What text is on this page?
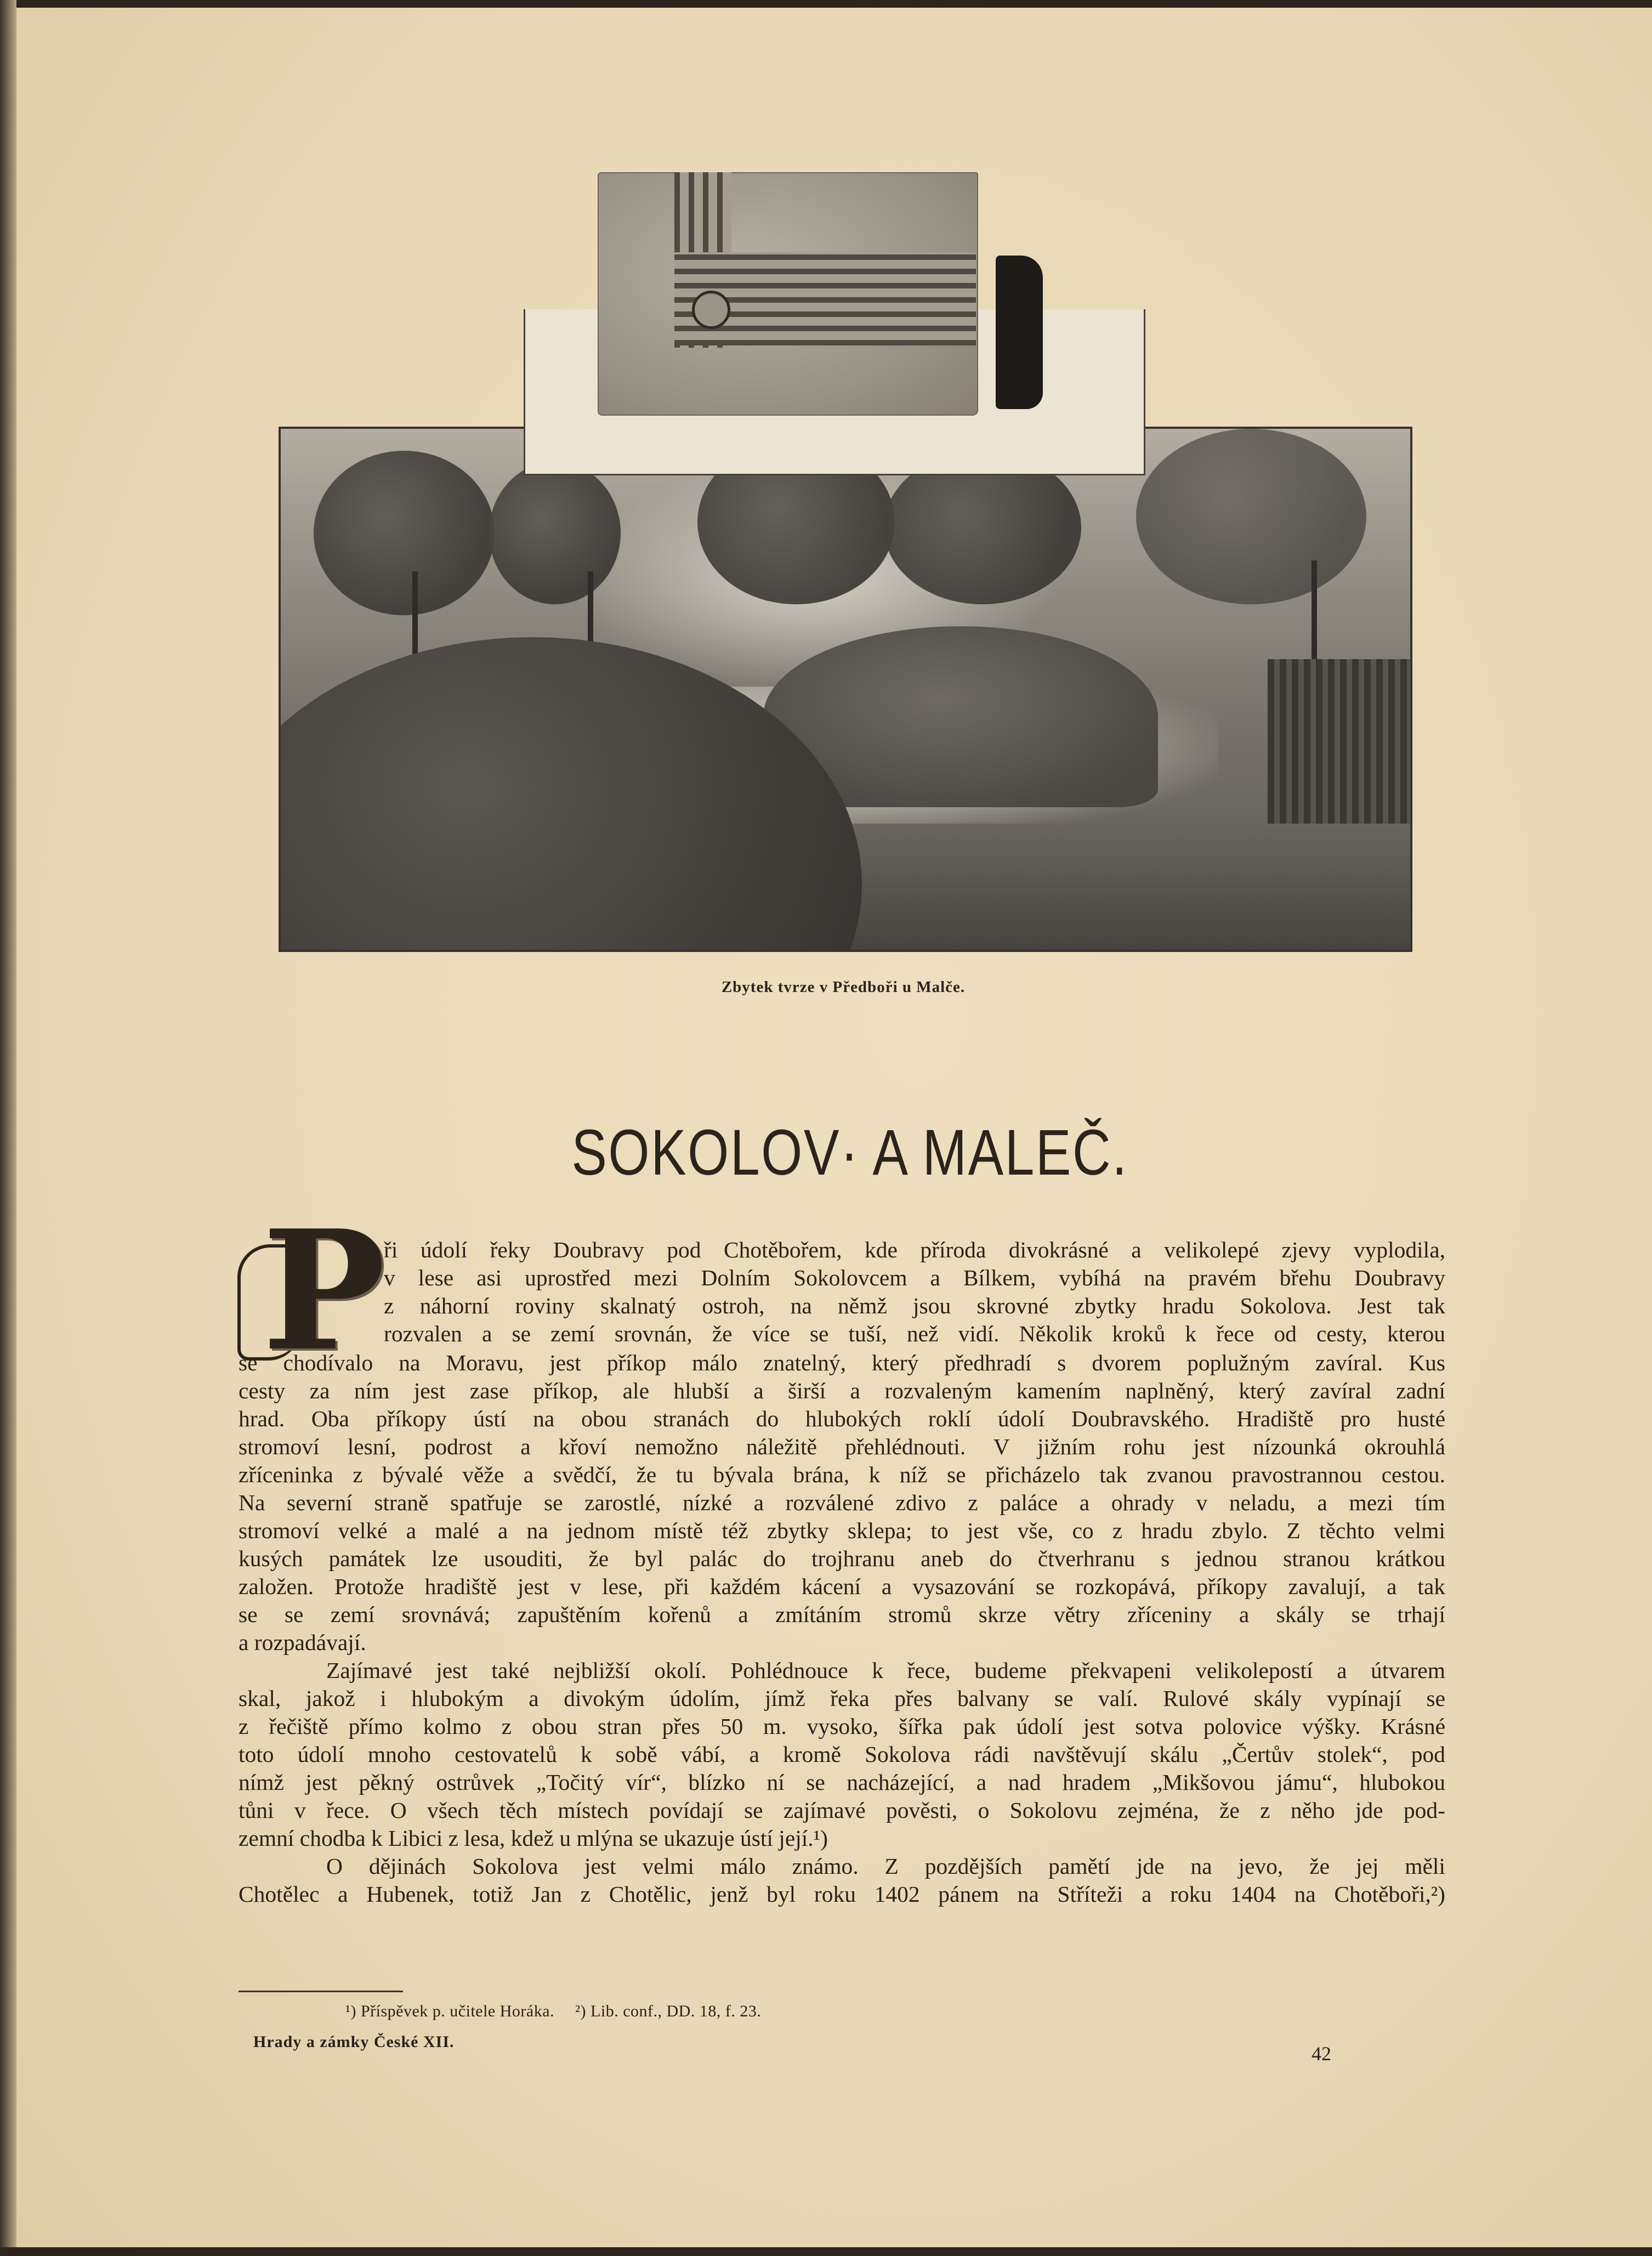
Zbytek tvrze v Předboři u Malče.
SOKOLOV· A MALEČ.
P
ři údolí řeky Doubravy pod Chotěbořem, kde příroda divokrásné a velikolepé zjevy vyplodila,
v lese asi uprostřed mezi Dolním Sokolovcem a Bílkem, vybíhá na pravém břehu Doubravy
z náhorní roviny skalnatý ostroh, na němž jsou skrovné zbytky hradu Sokolova. Jest tak
rozvalen a se zemí srovnán, že více se tuší, než vidí. Několik kroků k řece od cesty, kterou
se chodívalo na Moravu, jest příkop málo znatelný, který předhradí s dvorem poplužným zavíral. Kus
cesty za ním jest zase příkop, ale hlubší a širší a rozvaleným kamením naplněný, který zavíral zadní
hrad. Oba příkopy ústí na obou stranách do hlubokých roklí údolí Doubravského. Hradiště pro husté
stromoví lesní, podrost a křoví nemožno náležitě přehlédnouti. V jižním rohu jest nízounká okrouhlá
zříceninka z bývalé věže a svědčí, že tu bývala brána, k níž se přicházelo tak zvanou pravostrannou cestou.
Na severní straně spatřuje se zarostlé, nízké a rozválené zdivo z paláce a ohrady v neladu, a mezi tím
stromoví velké a malé a na jednom místě též zbytky sklepa; to jest vše, co z hradu zbylo. Z těchto velmi
kusých památek lze usouditi, že byl palác do trojhranu aneb do čtverhranu s jednou stranou krátkou
založen. Protože hradiště jest v lese, při každém kácení a vysazování se rozkopává, příkopy zavalují, a tak
se se zemí srovnává; zapuštěním kořenů a zmítáním stromů skrze větry zříceniny a skály se trhají
a rozpadávají.
Zajímavé jest také nejbližší okolí. Pohlédnouce k řece, budeme překvapeni velikolepostí a útvarem
skal, jakož i hlubokým a divokým údolím, jímž řeka přes balvany se valí. Rulové skály vypínají se
z řečiště přímo kolmo z obou stran přes 50 m. vysoko, šířka pak údolí jest sotva polovice výšky. Krásné
toto údolí mnoho cestovatelů k sobě vábí, a kromě Sokolova rádi navštěvují skálu „Čertův stolek“, pod
nímž jest pěkný ostrůvek „Točitý vír“, blízko ní se nacházející, a nad hradem „Mikšovou jámu“, hlubokou
tůni v řece. O všech těch místech povídají se zajímavé pověsti, o Sokolovu zejména, že z něho jde pod-
zemní chodba k Libici z lesa, kdež u mlýna se ukazuje ústí její.¹)
O dějinách Sokolova jest velmi málo známo. Z pozdějších pamětí jde na jevo, že jej měli
Chotělec a Hubenek, totiž Jan z Chotělic, jenž byl roku 1402 pánem na Stříteži a roku 1404 na Chotěboři,²)
¹) Příspěvek p. učitele Horáka. ²) Lib. conf., DD. 18, f. 23.
Hrady a zámky České XII.
42
